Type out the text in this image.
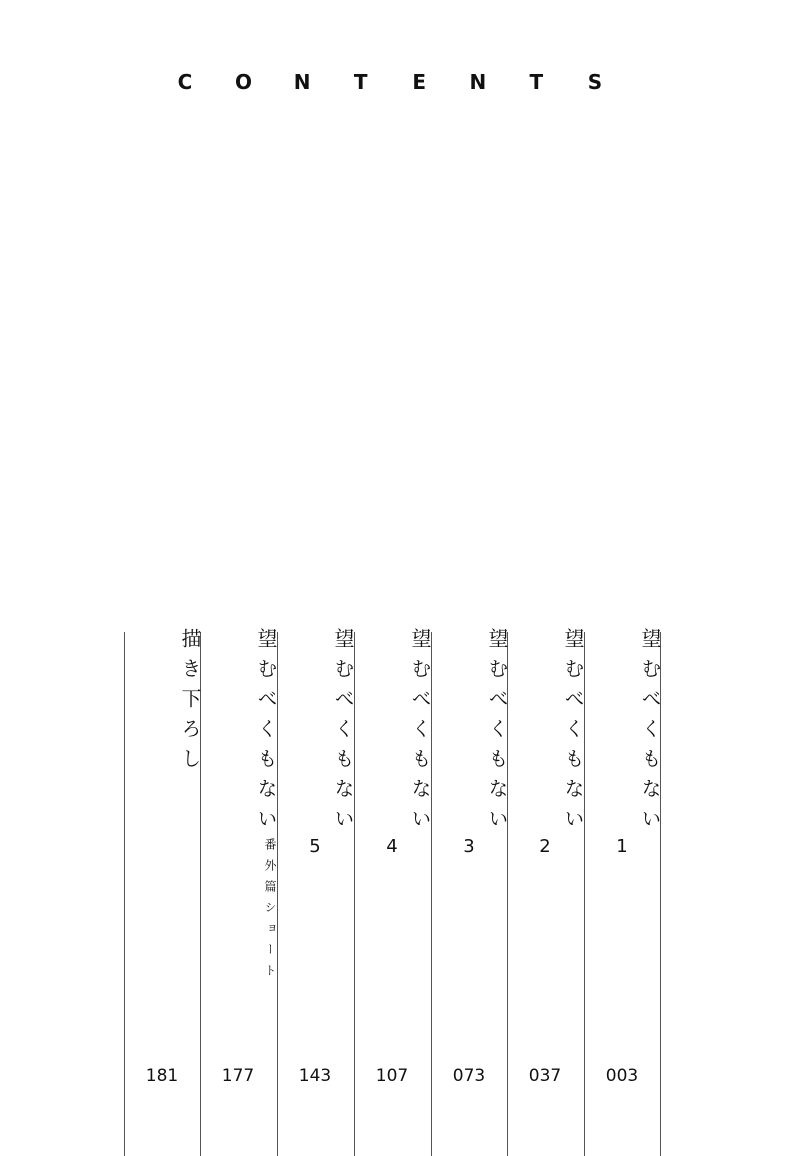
C O N T E N T S
望むべくもない
1
003
望むべくもない
2
037
望むべくもない
3
073
望むべくもない
4
107
望むべくもない
5
143
望むべくもない
番外篇ショート
177
描き下ろし
181
